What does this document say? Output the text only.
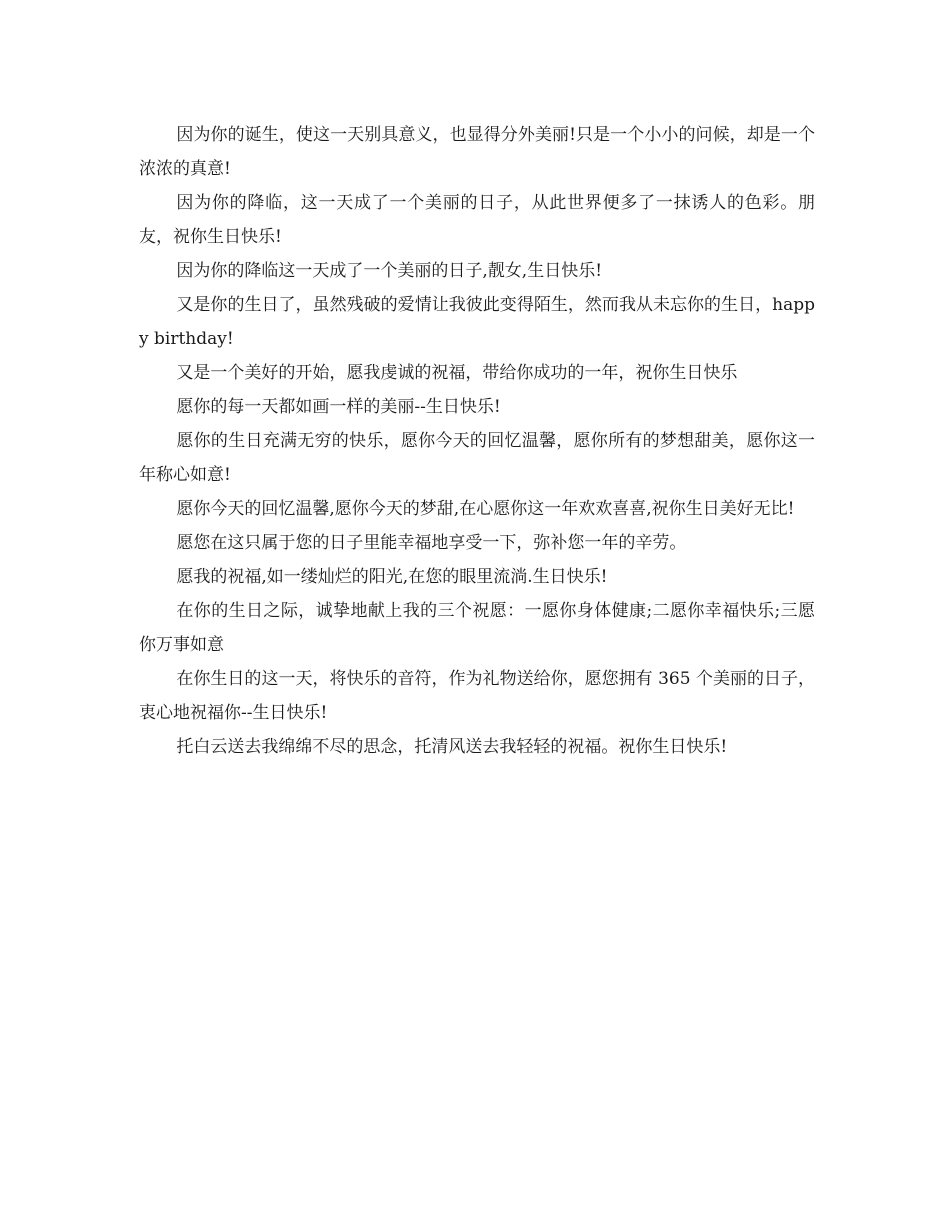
因为你的诞生，使这一天别具意义，也显得分外美丽!只是一个小小的问候，却是一个浓浓的真意!

因为你的降临，这一天成了一个美丽的日子，从此世界便多了一抹诱人的色彩。朋友，祝你生日快乐!

因为你的降临这一天成了一个美丽的日子,靓女,生日快乐!

又是你的生日了，虽然残破的爱情让我彼此变得陌生，然而我从未忘你的生日，happy birthday!

又是一个美好的开始，愿我虔诚的祝福，带给你成功的一年，祝你生日快乐

愿你的每一天都如画一样的美丽--生日快乐!

愿你的生日充满无穷的快乐，愿你今天的回忆温馨，愿你所有的梦想甜美，愿你这一年称心如意!

愿你今天的回忆温馨,愿你今天的梦甜,在心愿你这一年欢欢喜喜,祝你生日美好无比!

愿您在这只属于您的日子里能幸福地享受一下，弥补您一年的辛劳。

愿我的祝福,如一缕灿烂的阳光,在您的眼里流淌.生日快乐!

在你的生日之际，诚挚地献上我的三个祝愿：一愿你身体健康;二愿你幸福快乐;三愿你万事如意

在你生日的这一天，将快乐的音符，作为礼物送给你，愿您拥有 365 个美丽的日子，衷心地祝福你--生日快乐!

托白云送去我绵绵不尽的思念，托清风送去我轻轻的祝福。祝你生日快乐!
